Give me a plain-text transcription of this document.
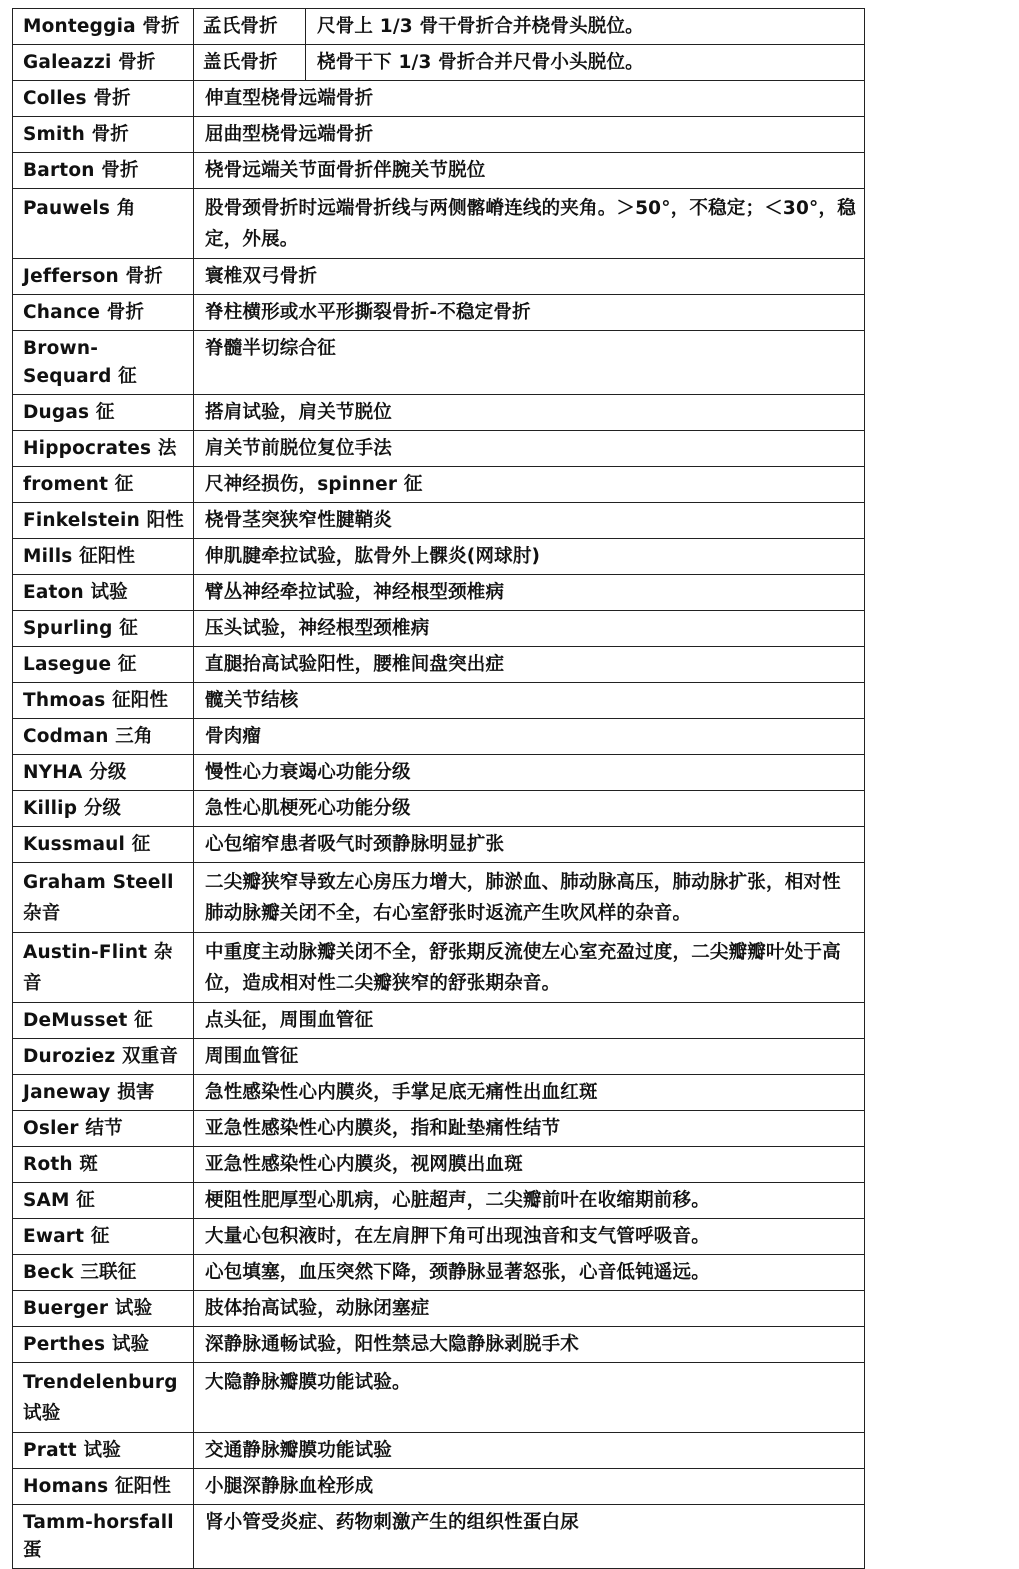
Monteggia 骨折	孟氏骨折	尺骨上 1/3 骨干骨折合并桡骨头脱位。
Galeazzi 骨折	盖氏骨折	桡骨干下 1/3 骨折合并尺骨小头脱位。
Colles 骨折	伸直型桡骨远端骨折	
Smith 骨折	屈曲型桡骨远端骨折	
Barton 骨折	桡骨远端关节面骨折伴腕关节脱位	
Pauwels 角	股骨颈骨折时远端骨折线与两侧髂嵴连线的夹角。＞50°，不稳定；＜30°，稳定，外展。	
Jefferson 骨折	寰椎双弓骨折	
Chance 骨折	脊柱横形或水平形撕裂骨折-不稳定骨折	
Brown-Sequard 征	脊髓半切综合征	
Dugas 征	搭肩试验，肩关节脱位	
Hippocrates 法	肩关节前脱位复位手法	
froment 征	尺神经损伤，spinner 征	
Finkelstein 阳性	桡骨茎突狭窄性腱鞘炎	
Mills 征阳性	伸肌腱牵拉试验，肱骨外上髁炎(网球肘)	
Eaton 试验	臂丛神经牵拉试验，神经根型颈椎病	
Spurling 征	压头试验，神经根型颈椎病	
Lasegue 征	直腿抬高试验阳性，腰椎间盘突出症	
Thmoas 征阳性	髋关节结核	
Codman 三角	骨肉瘤	
NYHA 分级	慢性心力衰竭心功能分级	
Killip 分级	急性心肌梗死心功能分级	
Kussmaul 征	心包缩窄患者吸气时颈静脉明显扩张	
Graham Steell 杂音	二尖瓣狭窄导致左心房压力增大，肺淤血、肺动脉高压，肺动脉扩张，相对性肺动脉瓣关闭不全，右心室舒张时返流产生吹风样的杂音。	
Austin-Flint 杂音	中重度主动脉瓣关闭不全，舒张期反流使左心室充盈过度，二尖瓣瓣叶处于高位，造成相对性二尖瓣狭窄的舒张期杂音。	
DeMusset 征	点头征，周围血管征	
Duroziez 双重音	周围血管征	
Janeway 损害	急性感染性心内膜炎，手掌足底无痛性出血红斑	
Osler 结节	亚急性感染性心内膜炎，指和趾垫痛性结节	
Roth 斑	亚急性感染性心内膜炎，视网膜出血斑	
SAM 征	梗阻性肥厚型心肌病，心脏超声，二尖瓣前叶在收缩期前移。	
Ewart 征	大量心包积液时，在左肩胛下角可出现浊音和支气管呼吸音。	
Beck 三联征	心包填塞，血压突然下降，颈静脉显著怒张，心音低钝遥远。	
Buerger 试验	肢体抬高试验，动脉闭塞症	
Perthes 试验	深静脉通畅试验，阳性禁忌大隐静脉剥脱手术	
Trendelenburg 试验	大隐静脉瓣膜功能试验。	
Pratt 试验	交通静脉瓣膜功能试验	
Homans 征阳性	小腿深静脉血栓形成	
Tamm-horsfall 蛋	肾小管受炎症、药物刺激产生的组织性蛋白尿	
